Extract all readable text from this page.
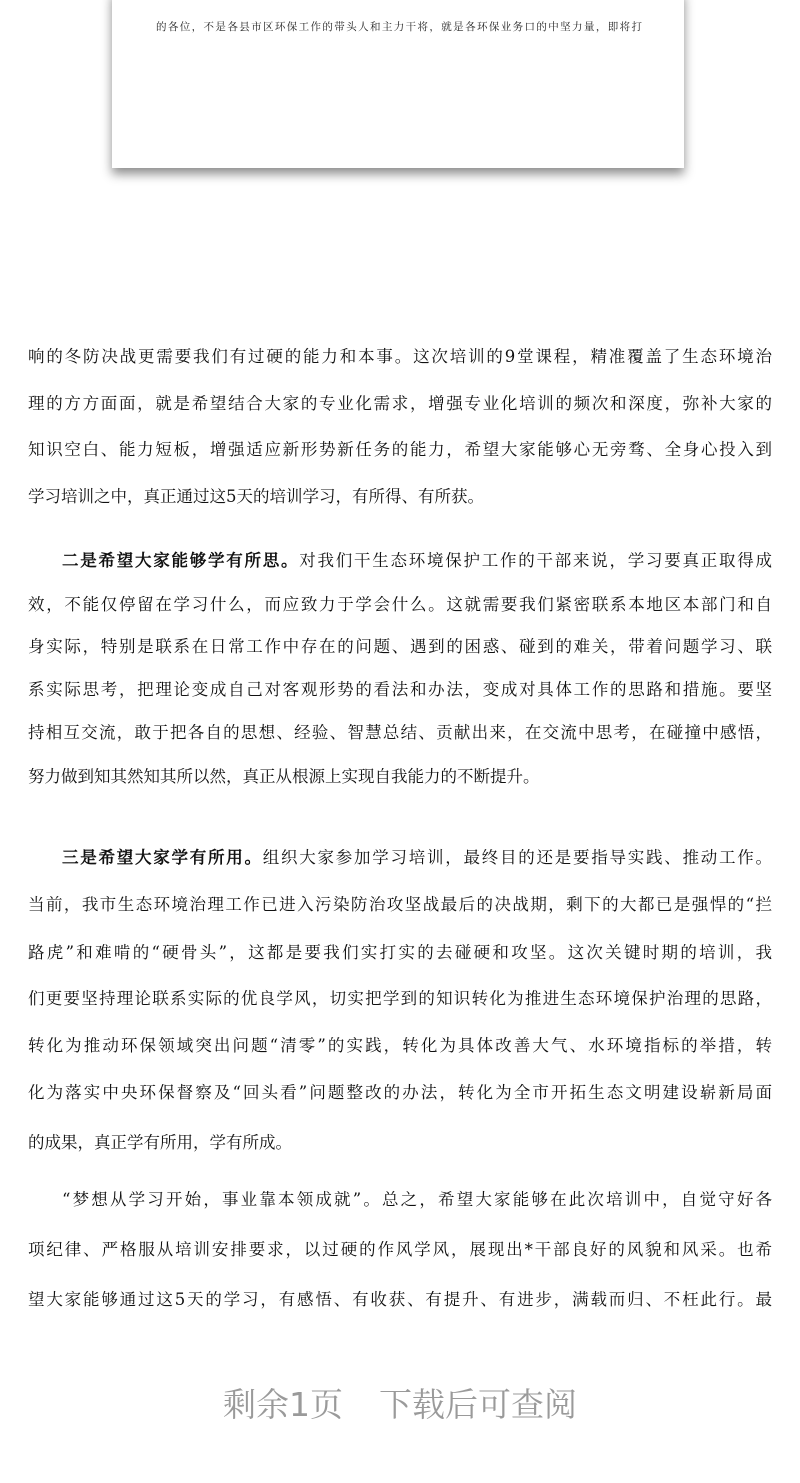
的各位，不是各县市区环保工作的带头人和主力干将，就是各环保业务口的中坚力量，即将打
响的冬防决战更需要我们有过硬的能力和本事。这次培训的9堂课程，精准覆盖了生态环境治
理的方方面面，就是希望结合大家的专业化需求，增强专业化培训的频次和深度，弥补大家的
知识空白、能力短板，增强适应新形势新任务的能力，希望大家能够心无旁骛、全身心投入到
学习培训之中，真正通过这5天的培训学习，有所得、有所获。
二是希望大家能够学有所思。对我们干生态环境保护工作的干部来说，学习要真正取得成
效，不能仅停留在学习什么，而应致力于学会什么。这就需要我们紧密联系本地区本部门和自
身实际，特别是联系在日常工作中存在的问题、遇到的困惑、碰到的难关，带着问题学习、联
系实际思考，把理论变成自己对客观形势的看法和办法，变成对具体工作的思路和措施。要坚
持相互交流，敢于把各自的思想、经验、智慧总结、贡献出来，在交流中思考，在碰撞中感悟，
努力做到知其然知其所以然，真正从根源上实现自我能力的不断提升。
三是希望大家学有所用。组织大家参加学习培训，最终目的还是要指导实践、推动工作。
当前，我市生态环境治理工作已进入污染防治攻坚战最后的决战期，剩下的大都已是强悍的“拦
路虎”和难啃的“硬骨头”，这都是要我们实打实的去碰硬和攻坚。这次关键时期的培训，我
们更要坚持理论联系实际的优良学风，切实把学到的知识转化为推进生态环境保护治理的思路，
转化为推动环保领域突出问题“清零”的实践，转化为具体改善大气、水环境指标的举措，转
化为落实中央环保督察及“回头看”问题整改的办法，转化为全市开拓生态文明建设崭新局面
的成果，真正学有所用，学有所成。
“梦想从学习开始，事业靠本领成就”。总之，希望大家能够在此次培训中，自觉守好各
项纪律、严格服从培训安排要求，以过硬的作风学风，展现出*干部良好的风貌和风采。也希
望大家能够通过这5天的学习，有感悟、有收获、有提升、有进步，满载而归、不枉此行。最
剩余1页 下载后可查阅
